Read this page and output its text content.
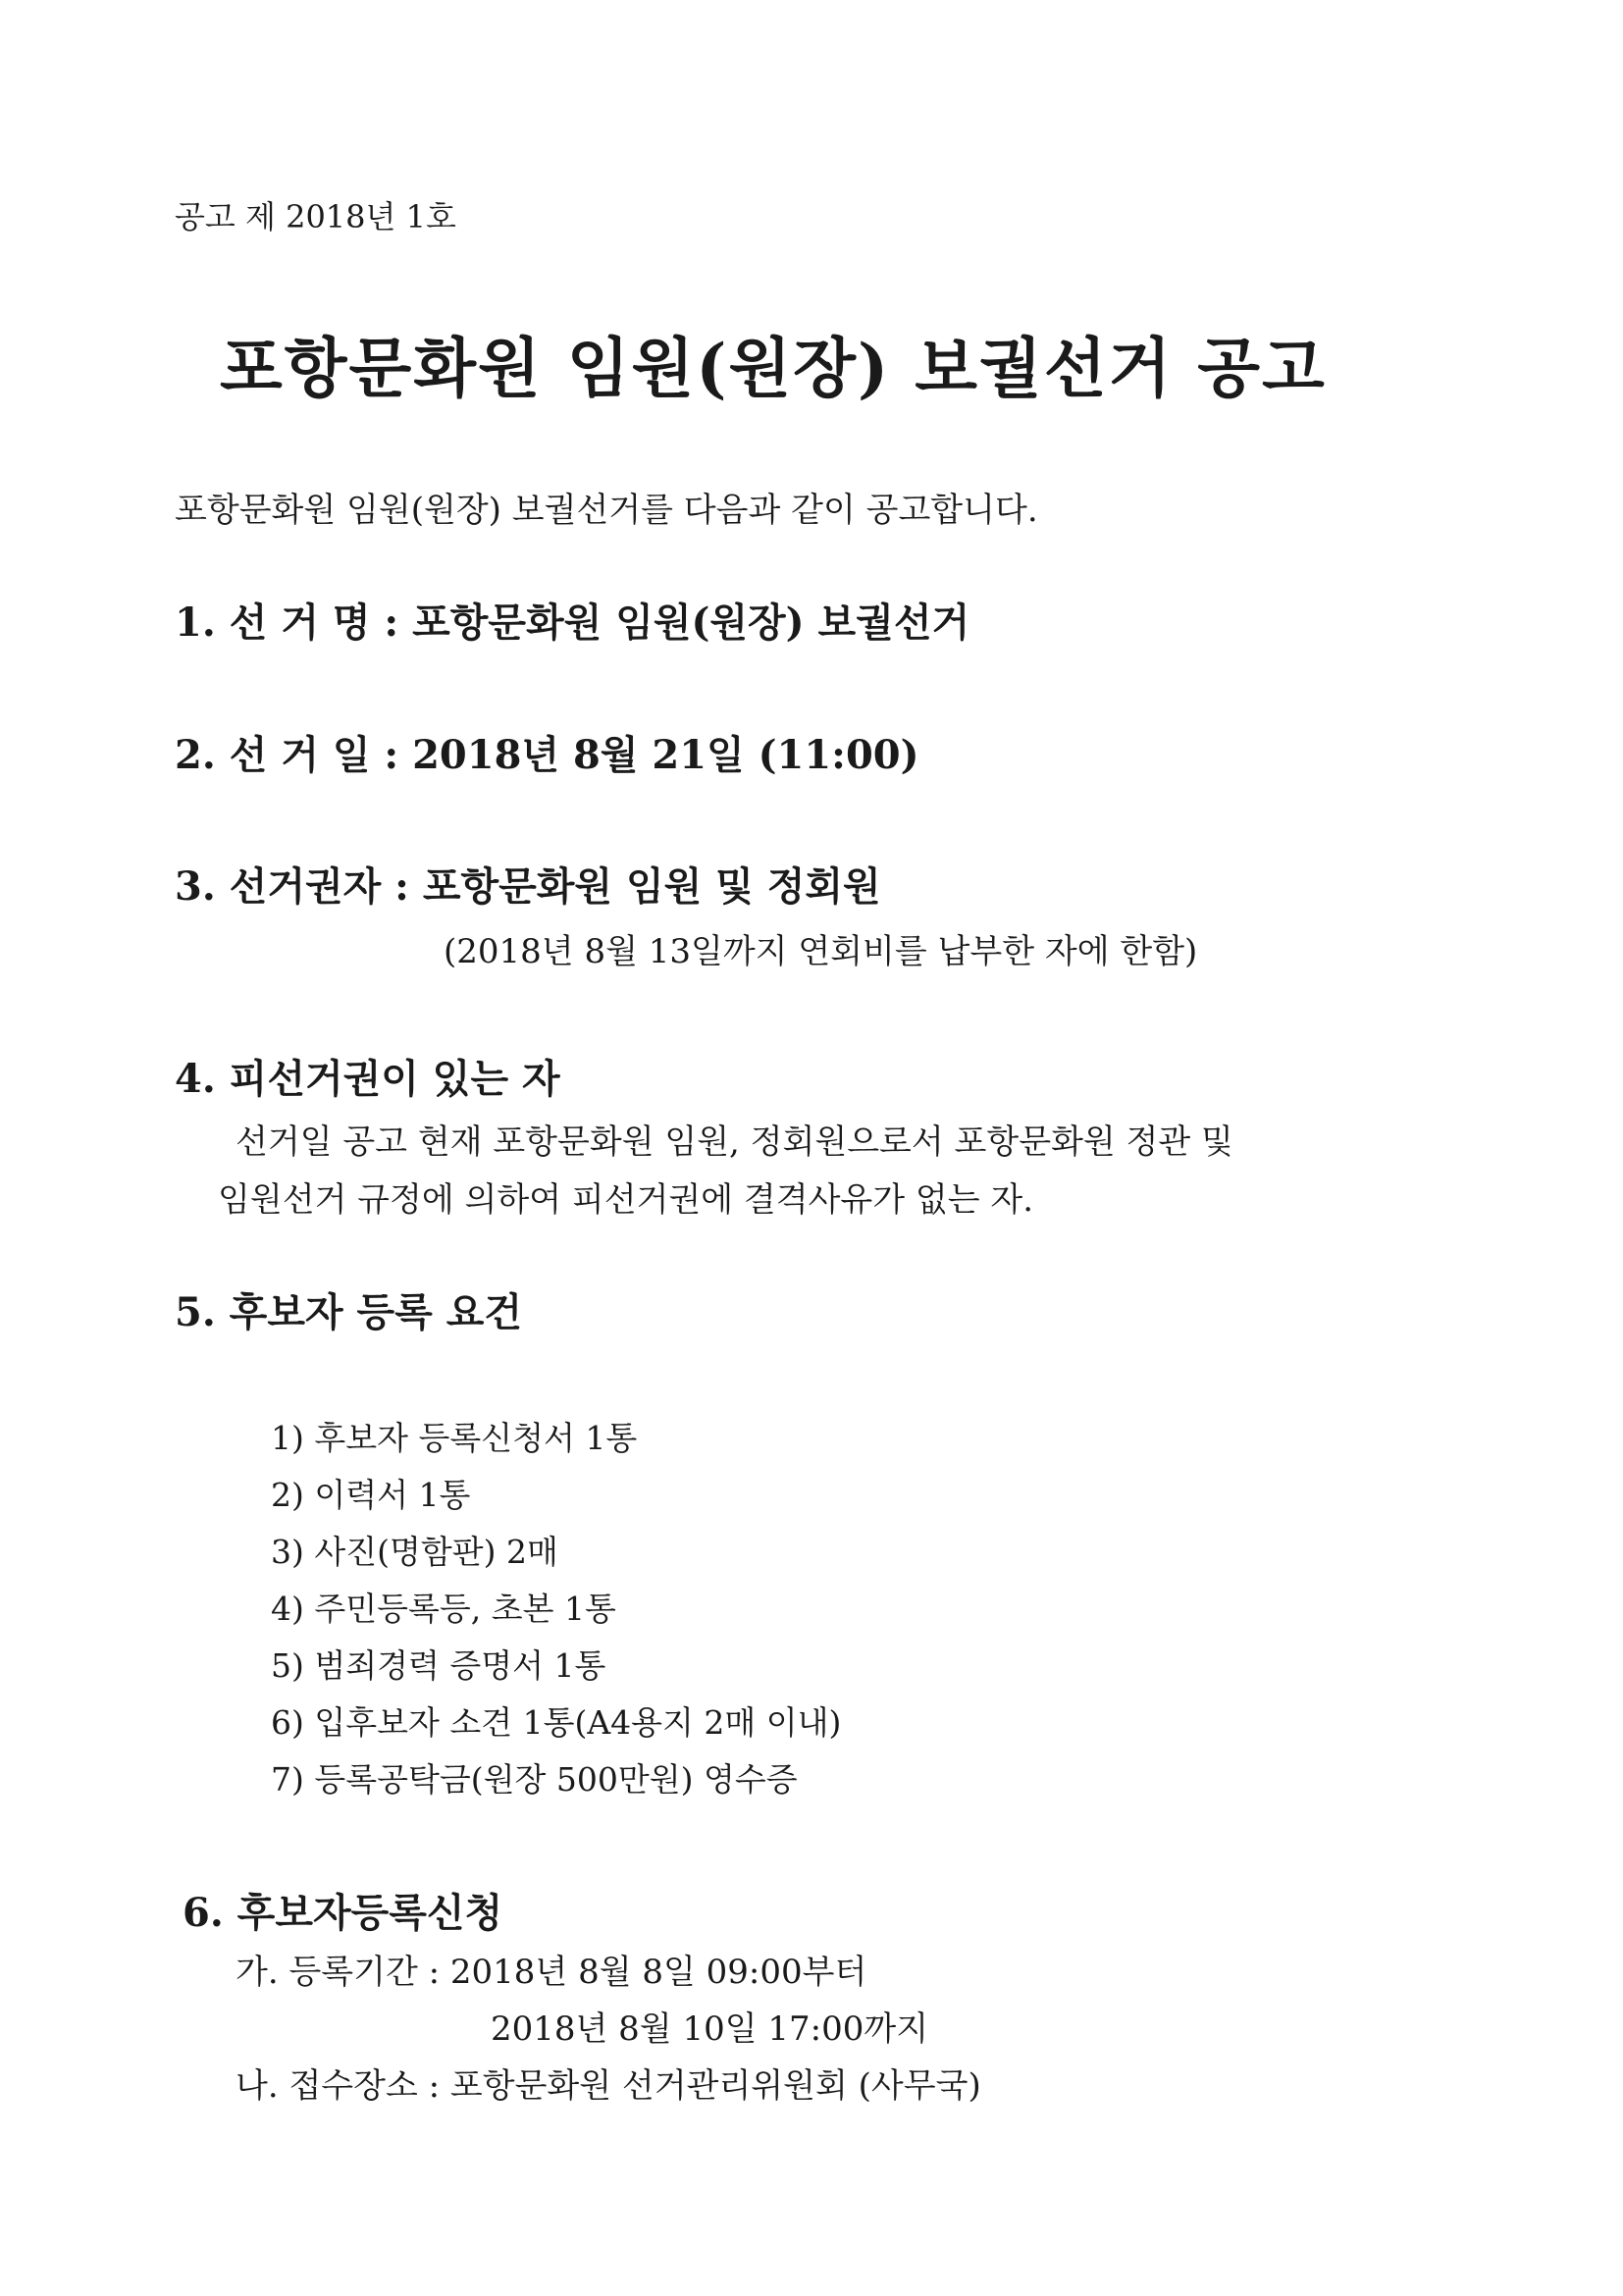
공고 제 2018년 1호
포항문화원 임원(원장) 보궐선거 공고
포항문화원 임원(원장) 보궐선거를 다음과 같이 공고합니다.
1. 선 거 명 : 포항문화원 임원(원장) 보궐선거
2. 선 거 일 : 2018년 8월 21일 (11:00)
3. 선거권자 : 포항문화원 임원 및 정회원
(2018년 8월 13일까지 연회비를 납부한 자에 한함)
4. 피선거권이 있는 자
선거일 공고 현재 포항문화원 임원, 정회원으로서 포항문화원 정관 및
임원선거 규정에 의하여 피선거권에 결격사유가 없는 자.
5. 후보자 등록 요건
1) 후보자 등록신청서 1통
2) 이력서 1통
3) 사진(명함판) 2매
4) 주민등록등, 초본 1통
5) 범죄경력 증명서 1통
6) 입후보자 소견 1통(A4용지 2매 이내)
7) 등록공탁금(원장 500만원) 영수증
6. 후보자등록신청
가. 등록기간 : 2018년 8월 8일 09:00부터
2018년 8월 10일 17:00까지
나. 접수장소 : 포항문화원 선거관리위원회 (사무국)
